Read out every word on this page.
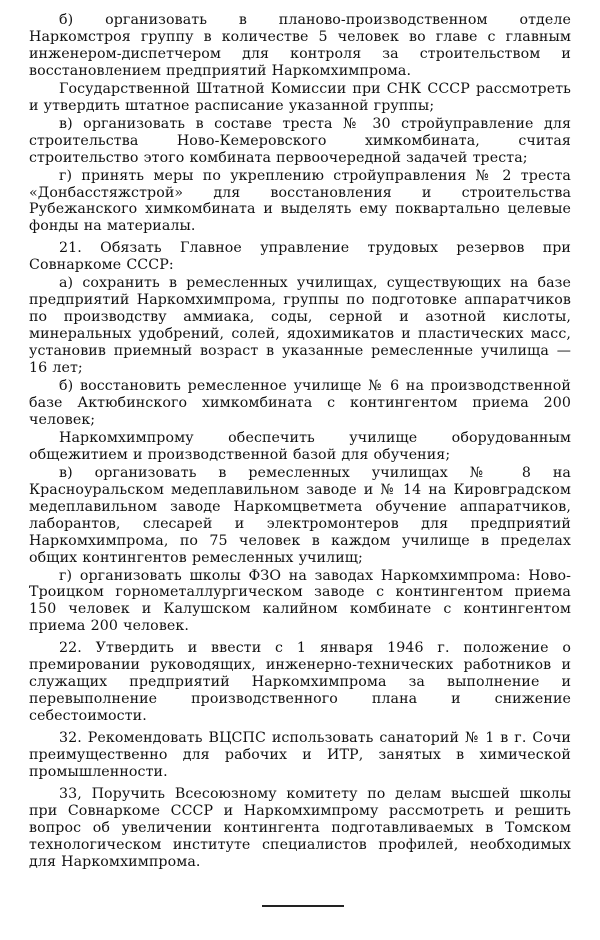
б) организовать в планово-производственном отделе Наркомстроя группу в количестве 5 человек во главе с главным инженером-диспетчером для контроля за строительством и восстановлением предприятий Наркомхимпрома.

Государственной Штатной Комиссии при СНК СССР рассмотреть и утвердить штатное расписание указанной группы;

в) организовать в составе треста № 30 стройуправление для строительства Ново-Кемеровского химкомбината, считая строительство этого комбината первоочередной задачей треста;

г) принять меры по укреплению стройуправления № 2 треста «Донбасстяжстрой» для восстановления и строительства Рубежанского химкомбината и выделять ему поквартально целевые фонды на материалы.

21. Обязать Главное управление трудовых резервов при Совнаркоме СССР:

а) сохранить в ремесленных училищах, существующих на базе предприятий Наркомхимпрома, группы по подготовке аппаратчиков по производству аммиака, соды, серной и азотной кислоты, минеральных удобрений, солей, ядохимикатов и пластических масс, установив приемный возраст в указанные ремесленные училища — 16 лет;

б) восстановить ремесленное училище № 6 на производственной базе Актюбинского химкомбината с контингентом приема 200 человек;

Наркомхимпрому обеспечить училище оборудованным общежитием и производственной базой для обучения;

в) организовать в ремесленных училищах № 8 на Красноуральском медеплавильном заводе и № 14 на Кировградском медеплавильном заводе Наркомцветмета обучение аппаратчиков, лаборантов, слесарей и электромонтеров для предприятий Наркомхимпрома, по 75 человек в каждом училище в пределах общих контингентов ремесленных училищ;

г) организовать школы ФЗО на заводах Наркомхимпрома: Ново-Троицком горнометаллургическом заводе с контингентом приема 150 человек и Калушском калийном комбинате с контингентом приема 200 человек.

22. Утвердить и ввести с 1 января 1946 г. положение о премировании руководящих, инженерно-технических работников и служащих предприятий Наркомхимпрома за выполнение и перевыполнение производственного плана и снижение себестоимости.

32. Рекомендовать ВЦСПС использовать санаторий № 1 в г. Сочи преимущественно для рабочих и ИТР, занятых в химической промышленности.

33, Поручить Всесоюзному комитету по делам высшей школы при Совнаркоме СССР и Наркомхимпрому рассмотреть и решить вопрос об увеличении контингента подготавливаемых в Томском технологическом институте специалистов профилей, необходимых для Наркомхимпрома.
